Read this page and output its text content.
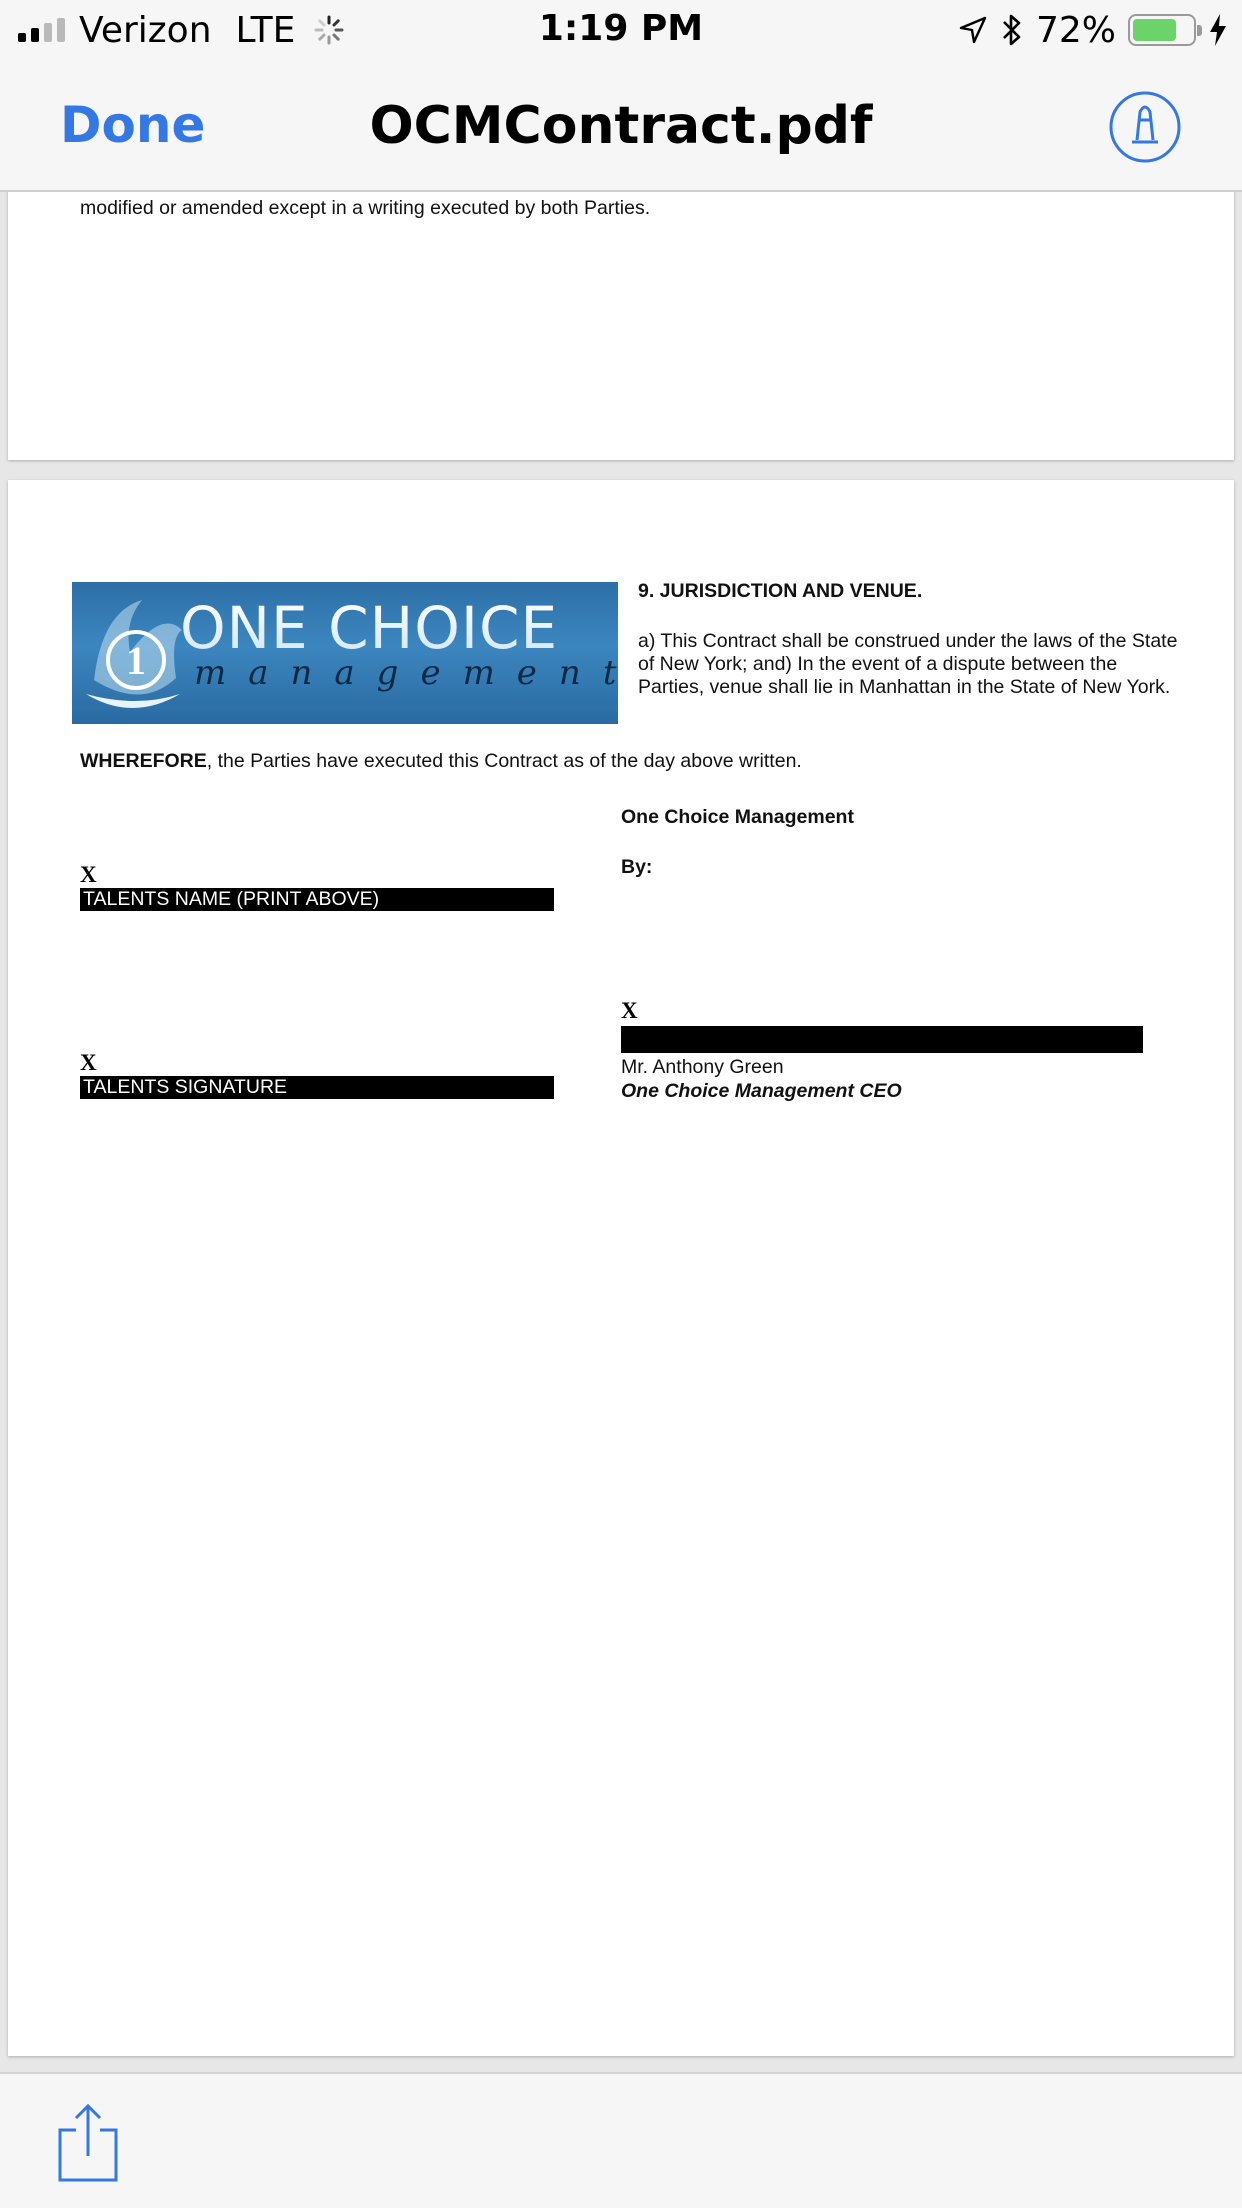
Verizon LTE	1:19 PM	72%
Done	OCMContract.pdf
modified or amended except in a writing executed by both Parties.
1 ONE CHOICE
management
9. JURISDICTION AND VENUE.
a) This Contract shall be construed under the laws of the State of New York; and) In the event of a dispute between the Parties, venue shall lie in Manhattan in the State of New York.
WHEREFORE, the Parties have executed this Contract as of the day above written.
One Choice Management
By:
X
TALENTS NAME (PRINT ABOVE)
X
Mr. Anthony Green
One Choice Management CEO
X
TALENTS SIGNATURE
